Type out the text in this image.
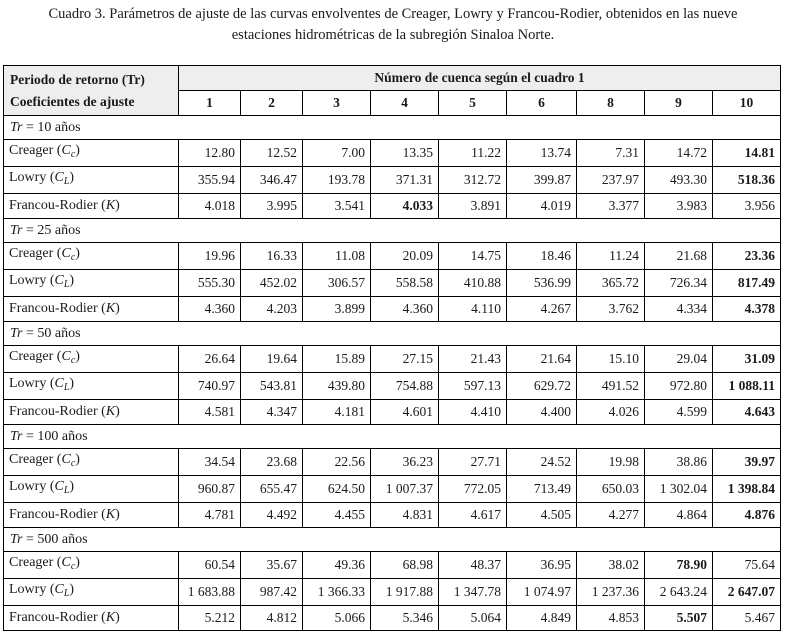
Cuadro 3. Parámetros de ajuste de las curvas envolventes de Creager, Lowry y Francou-Rodier, obtenidos en las nueve
estaciones hidrométricas de la subregión Sinaloa Norte.
Periodo de retorno (Tr)
Coeficientes de ajuste	Número de cuenca según el cuadro 1								
	1	2	3	4	5	6	8	9	10
Tr = 10 años									
Creager $(C_c)$	12.80	12.52	7.00	13.35	11.22	13.74	7.31	14.72	14.81
Lowry $(C_L)$	355.94	346.47	193.78	371.31	312.72	399.87	237.97	493.30	518.36
Francou-Rodier (K)	4.018	3.995	3.541	4.033	3.891	4.019	3.377	3.983	3.956
Tr = 25 años									
Creager $(C_c)$	19.96	16.33	11.08	20.09	14.75	18.46	11.24	21.68	23.36
Lowry $(C_L)$	555.30	452.02	306.57	558.58	410.88	536.99	365.72	726.34	817.49
Francou-Rodier (K)	4.360	4.203	3.899	4.360	4.110	4.267	3.762	4.334	4.378
Tr = 50 años									
Creager $(C_c)$	26.64	19.64	15.89	27.15	21.43	21.64	15.10	29.04	31.09
Lowry $(C_L)$	740.97	543.81	439.80	754.88	597.13	629.72	491.52	972.80	1 088.11
Francou-Rodier (K)	4.581	4.347	4.181	4.601	4.410	4.400	4.026	4.599	4.643
Tr = 100 años									
Creager $(C_c)$	34.54	23.68	22.56	36.23	27.71	24.52	19.98	38.86	39.97
Lowry $(C_L)$	960.87	655.47	624.50	1 007.37	772.05	713.49	650.03	1 302.04	1 398.84
Francou-Rodier (K)	4.781	4.492	4.455	4.831	4.617	4.505	4.277	4.864	4.876
Tr = 500 años									
Creager $(C_c)$	60.54	35.67	49.36	68.98	48.37	36.95	38.02	78.90	75.64
Lowry $(C_L)$	1 683.88	987.42	1 366.33	1 917.88	1 347.78	1 074.97	1 237.36	2 643.24	2 647.07
Francou-Rodier (K)	5.212	4.812	5.066	5.346	5.064	4.849	4.853	5.507	5.467
